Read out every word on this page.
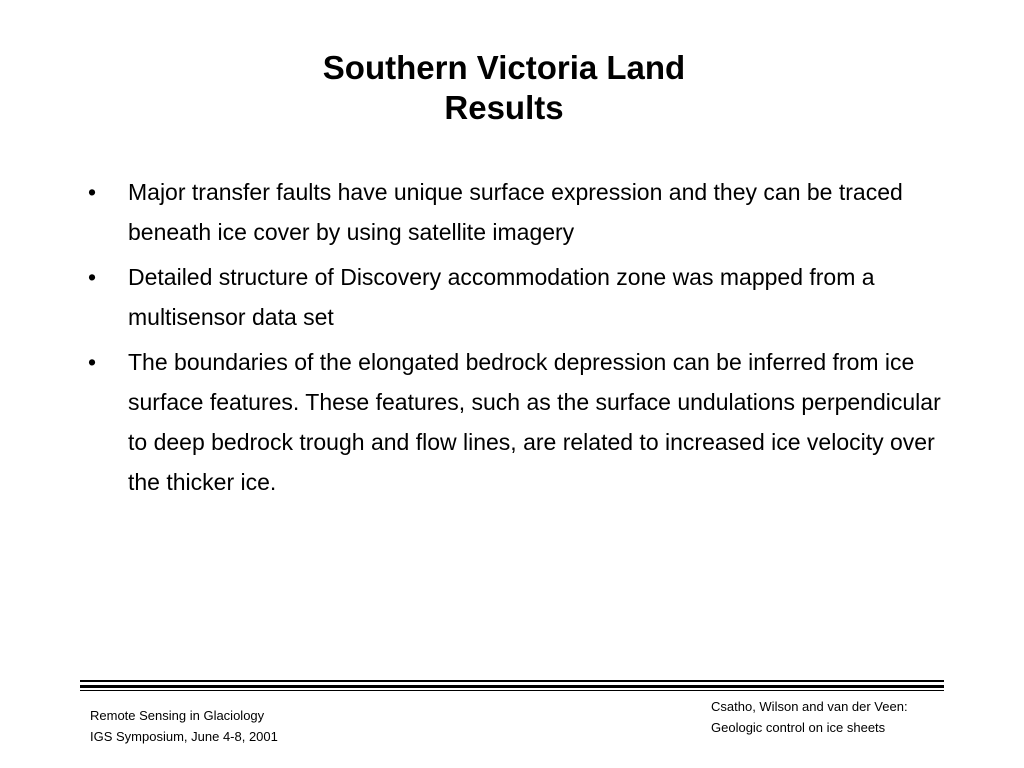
Southern Victoria Land
Results
•	Major transfer faults have unique surface expression and they can be traced beneath ice cover by using satellite imagery
•	Detailed structure of Discovery accommodation zone was mapped from a multisensor data set
•	The boundaries of the elongated bedrock depression can be inferred from ice surface features. These features, such as the surface undulations perpendicular to deep bedrock trough and flow lines, are related to increased ice velocity over the thicker ice.
Remote Sensing in Glaciology
IGS Symposium, June 4-8, 2001
Csatho, Wilson and van der Veen:
Geologic control on ice sheets
